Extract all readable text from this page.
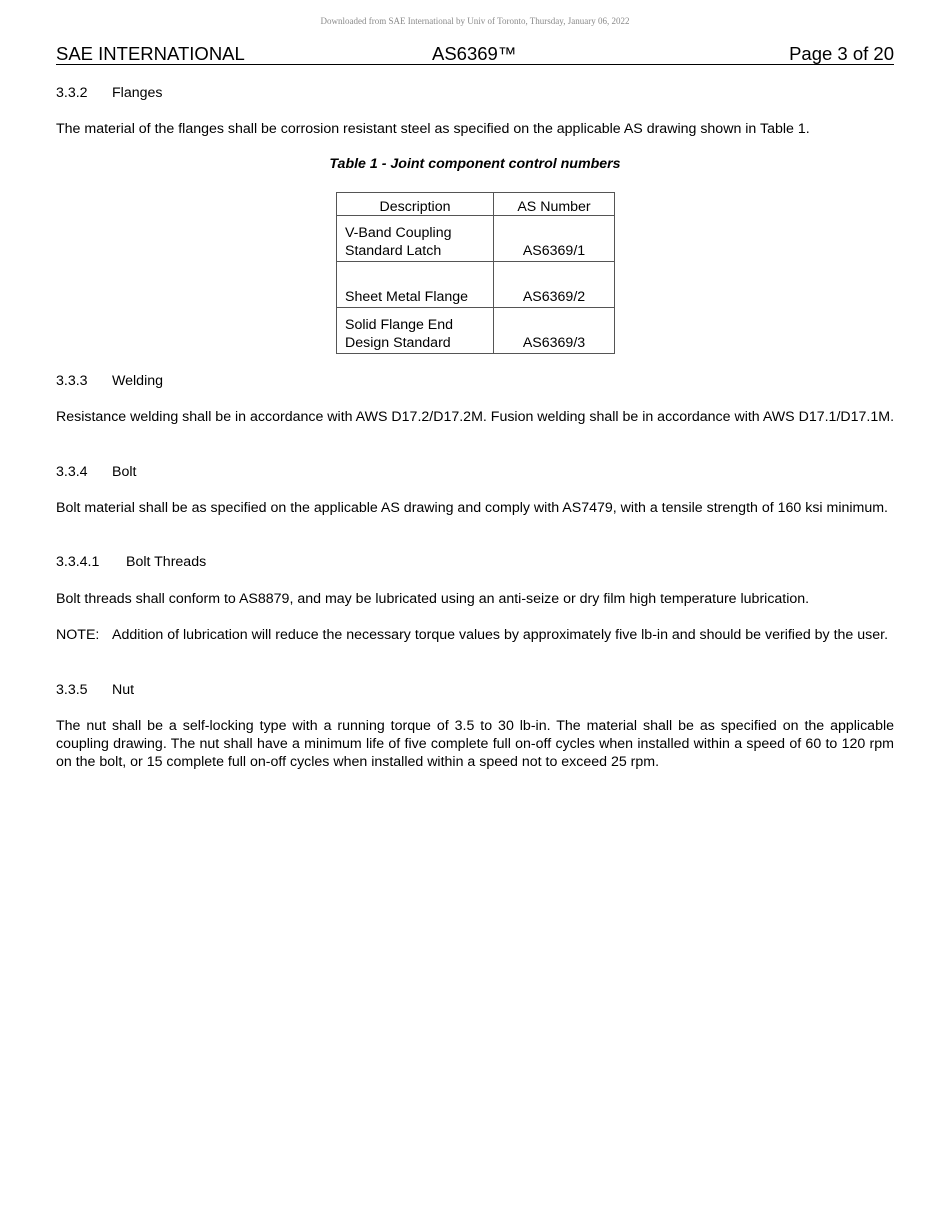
Downloaded from SAE International by Univ of Toronto, Thursday, January 06, 2022
SAE INTERNATIONAL	AS6369™	Page 3 of 20
3.3.2 Flanges
The material of the flanges shall be corrosion resistant steel as specified on the applicable AS drawing shown in Table 1.
Table 1 - Joint component control numbers
Description	AS Number

V-Band Coupling
Standard Latch	AS6369/1

Sheet Metal Flange	AS6369/2

Solid Flange End
Design Standard	AS6369/3
3.3.3 Welding
Resistance welding shall be in accordance with AWS D17.2/D17.2M. Fusion welding shall be in accordance with AWS D17.1/D17.1M.
3.3.4 Bolt
Bolt material shall be as specified on the applicable AS drawing and comply with AS7479, with a tensile strength of 160 ksi minimum.
3.3.4.1 Bolt Threads
Bolt threads shall conform to AS8879, and may be lubricated using an anti-seize or dry film high temperature lubrication.
NOTE: Addition of lubrication will reduce the necessary torque values by approximately five lb-in and should be verified by the user.
3.3.5 Nut
The nut shall be a self-locking type with a running torque of 3.5 to 30 lb-in. The material shall be as specified on the applicable coupling drawing. The nut shall have a minimum life of five complete full on-off cycles when installed within a speed of 60 to 120 rpm on the bolt, or 15 complete full on-off cycles when installed within a speed not to exceed 25 rpm.
